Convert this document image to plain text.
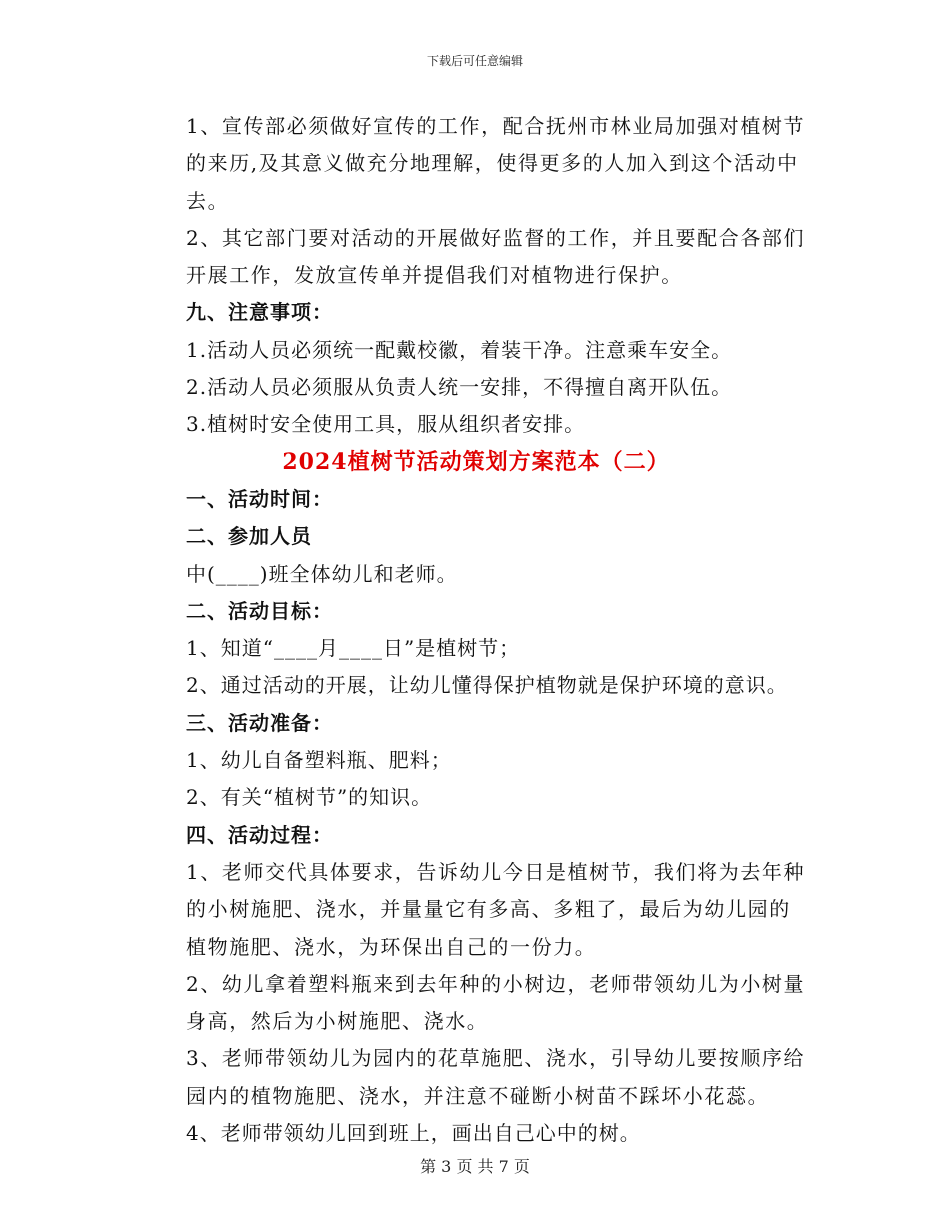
下载后可任意编辑

1、宣传部必须做好宣传的工作，配合抚州市林业局加强对植树节的来历,及其意义做充分地理解，使得更多的人加入到这个活动中去。

2、其它部门要对活动的开展做好监督的工作，并且要配合各部们开展工作，发放宣传单并提倡我们对植物进行保护。

九、注意事项：

1.活动人员必须统一配戴校徽，着装干净。注意乘车安全。

2.活动人员必须服从负责人统一安排，不得擅自离开队伍。

3.植树时安全使用工具，服从组织者安排。

2024植树节活动策划方案范本（二）

一、活动时间：

二、参加人员

中(____)班全体幼儿和老师。

二、活动目标：

1、知道“____月____日”是植树节；

2、通过活动的开展，让幼儿懂得保护植物就是保护环境的意识。

三、活动准备：

1、幼儿自备塑料瓶、肥料；

2、有关“植树节”的知识。

四、活动过程：

1、老师交代具体要求，告诉幼儿今日是植树节，我们将为去年种的小树施肥、浇水，并量量它有多高、多粗了，最后为幼儿园的植物施肥、浇水，为环保出自己的一份力。

2、幼儿拿着塑料瓶来到去年种的小树边，老师带领幼儿为小树量身高，然后为小树施肥、浇水。

3、老师带领幼儿为园内的花草施肥、浇水，引导幼儿要按顺序给园内的植物施肥、浇水，并注意不碰断小树苗不踩坏小花蕊。

4、老师带领幼儿回到班上，画出自己心中的树。

第 3 页 共 7 页
